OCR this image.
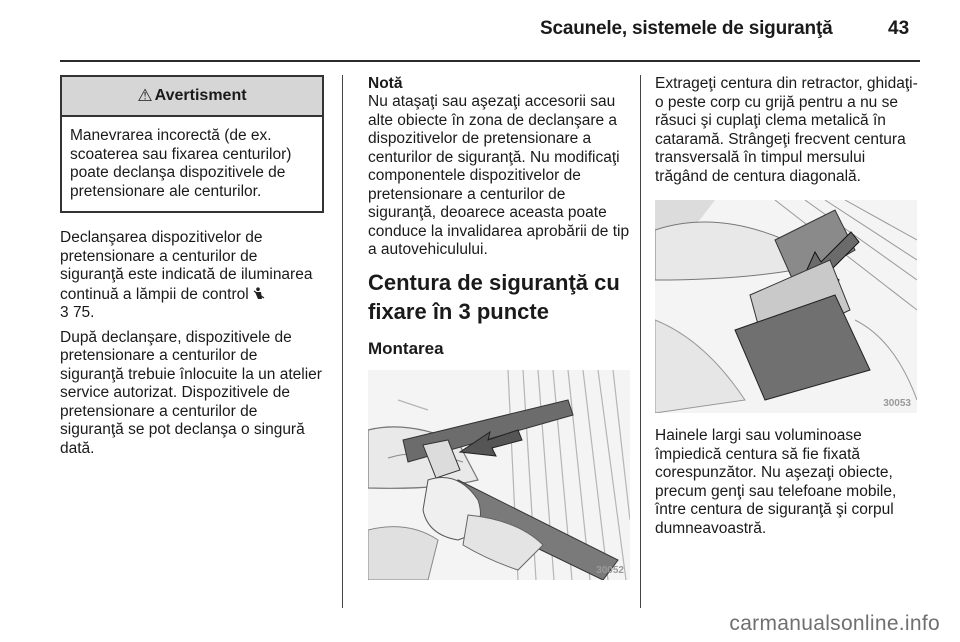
Scaunele, sistemele de siguranţă	43
⚠ Avertisment
Manevrarea incorectă (de ex. scoaterea sau fixarea centurilor) poate declanşa dispozitivele de pretensionare ale centurilor.

Declanşarea dispozitivelor de pretensionare a centurilor de siguranţă este indicată de iluminarea continuă a lămpii de control
3 75.

După declanşare, dispozitivele de pretensionare a centurilor de siguranţă trebuie înlocuite la un atelier service autorizat. Dispozitivele de pretensionare a centurilor de siguranţă se pot declanşa o singură dată.

Notă

Nu ataşaţi sau aşezaţi accesorii sau alte obiecte în zona de declanşare a dispozitivelor de pretensionare a centurilor de siguranţă. Nu modificaţi componentele dispozitivelor de pretensionare a centurilor de siguranţă, deoarece aceasta poate conduce la invalidarea aprobării de tip a autovehiculului.

Centura de siguranţă cu fixare în 3 puncte
Montarea
30052

Extrageţi centura din retractor, ghidaţi-o peste corp cu grijă pentru a nu se răsuci şi cuplaţi clema metalică în cataramă. Strângeţi frecvent centura transversală în timpul mersului trăgând de centura diagonală.

30053

Hainele largi sau voluminoase împiedică centura să fie fixată corespunzător. Nu aşezaţi obiecte, precum genţi sau telefoane mobile, între centura de siguranţă şi corpul dumneavoastră.

carmanualsonline.info
